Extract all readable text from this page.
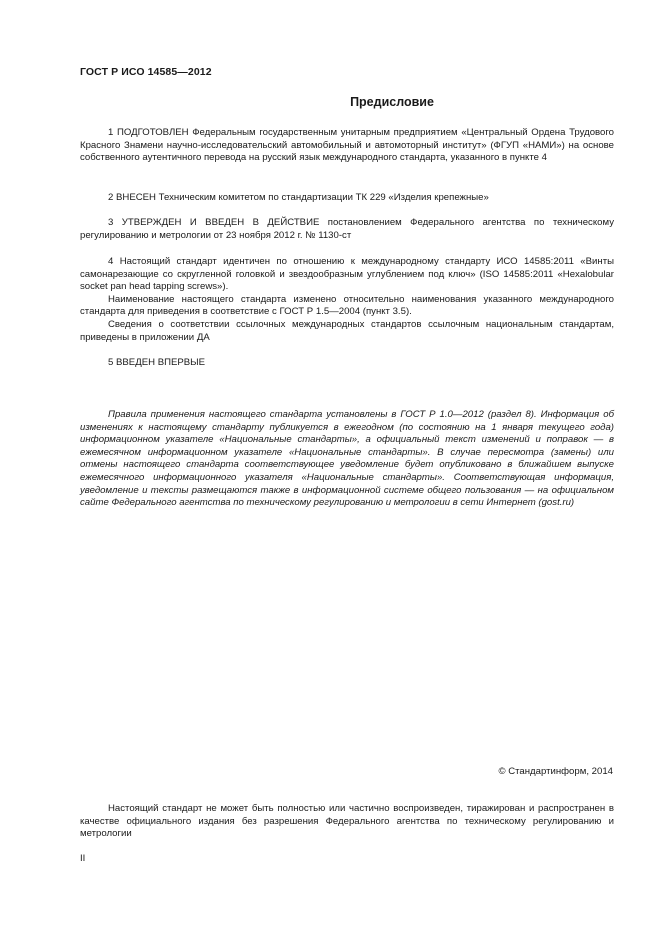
ГОСТ Р ИСО 14585—2012
Предисловие

1 ПОДГОТОВЛЕН Федеральным государственным унитарным предприятием «Центральный Ордена Трудового Красного Знамени научно-исследовательский автомобильный и автомоторный институт» (ФГУП «НАМИ») на основе собственного аутентичного перевода на русский язык международного стандарта, указанного в пункте 4

2 ВНЕСЕН Техническим комитетом по стандартизации ТК 229 «Изделия крепежные»

3 УТВЕРЖДЕН И ВВЕДЕН В ДЕЙСТВИЕ постановлением Федерального агентства по техническому регулированию и метрологии от 23 ноября 2012 г. № 1130-ст

4 Настоящий стандарт идентичен по отношению к международному стандарту ИСО 14585:2011 «Винты самонарезающие со скругленной головкой и звездообразным углублением под ключ» (ISO 14585:2011 «Hexalobular socket pan head tapping screws»).

Наименование настоящего стандарта изменено относительно наименования указанного международного стандарта для приведения в соответствие с ГОСТ Р 1.5—2004 (пункт 3.5).

Сведения о соответствии ссылочных международных стандартов ссылочным национальным стандартам, приведены в приложении ДА

5 ВВЕДЕН ВПЕРВЫЕ

Правила применения настоящего стандарта установлены в ГОСТ Р 1.0—2012 (раздел 8). Информация об изменениях к настоящему стандарту публикуется в ежегодном (по состоянию на 1 января текущего года) информационном указателе «Национальные стандарты», а официальный текст изменений и поправок — в ежемесячном информационном указателе «Национальные стандарты». В случае пересмотра (замены) или отмены настоящего стандарта соответствующее уведомление будет опубликовано в ближайшем выпуске ежемесячного информационного указателя «Национальные стандарты». Соответствующая информация, уведомление и тексты размещаются также в информационной системе общего пользования — на официальном сайте Федерального агентства по техническому регулированию и метрологии в сети Интернет (gost.ru)

© Стандартинформ, 2014

Настоящий стандарт не может быть полностью или частично воспроизведен, тиражирован и распространен в качестве официального издания без разрешения Федерального агентства по техническому регулированию и метрологии

II
